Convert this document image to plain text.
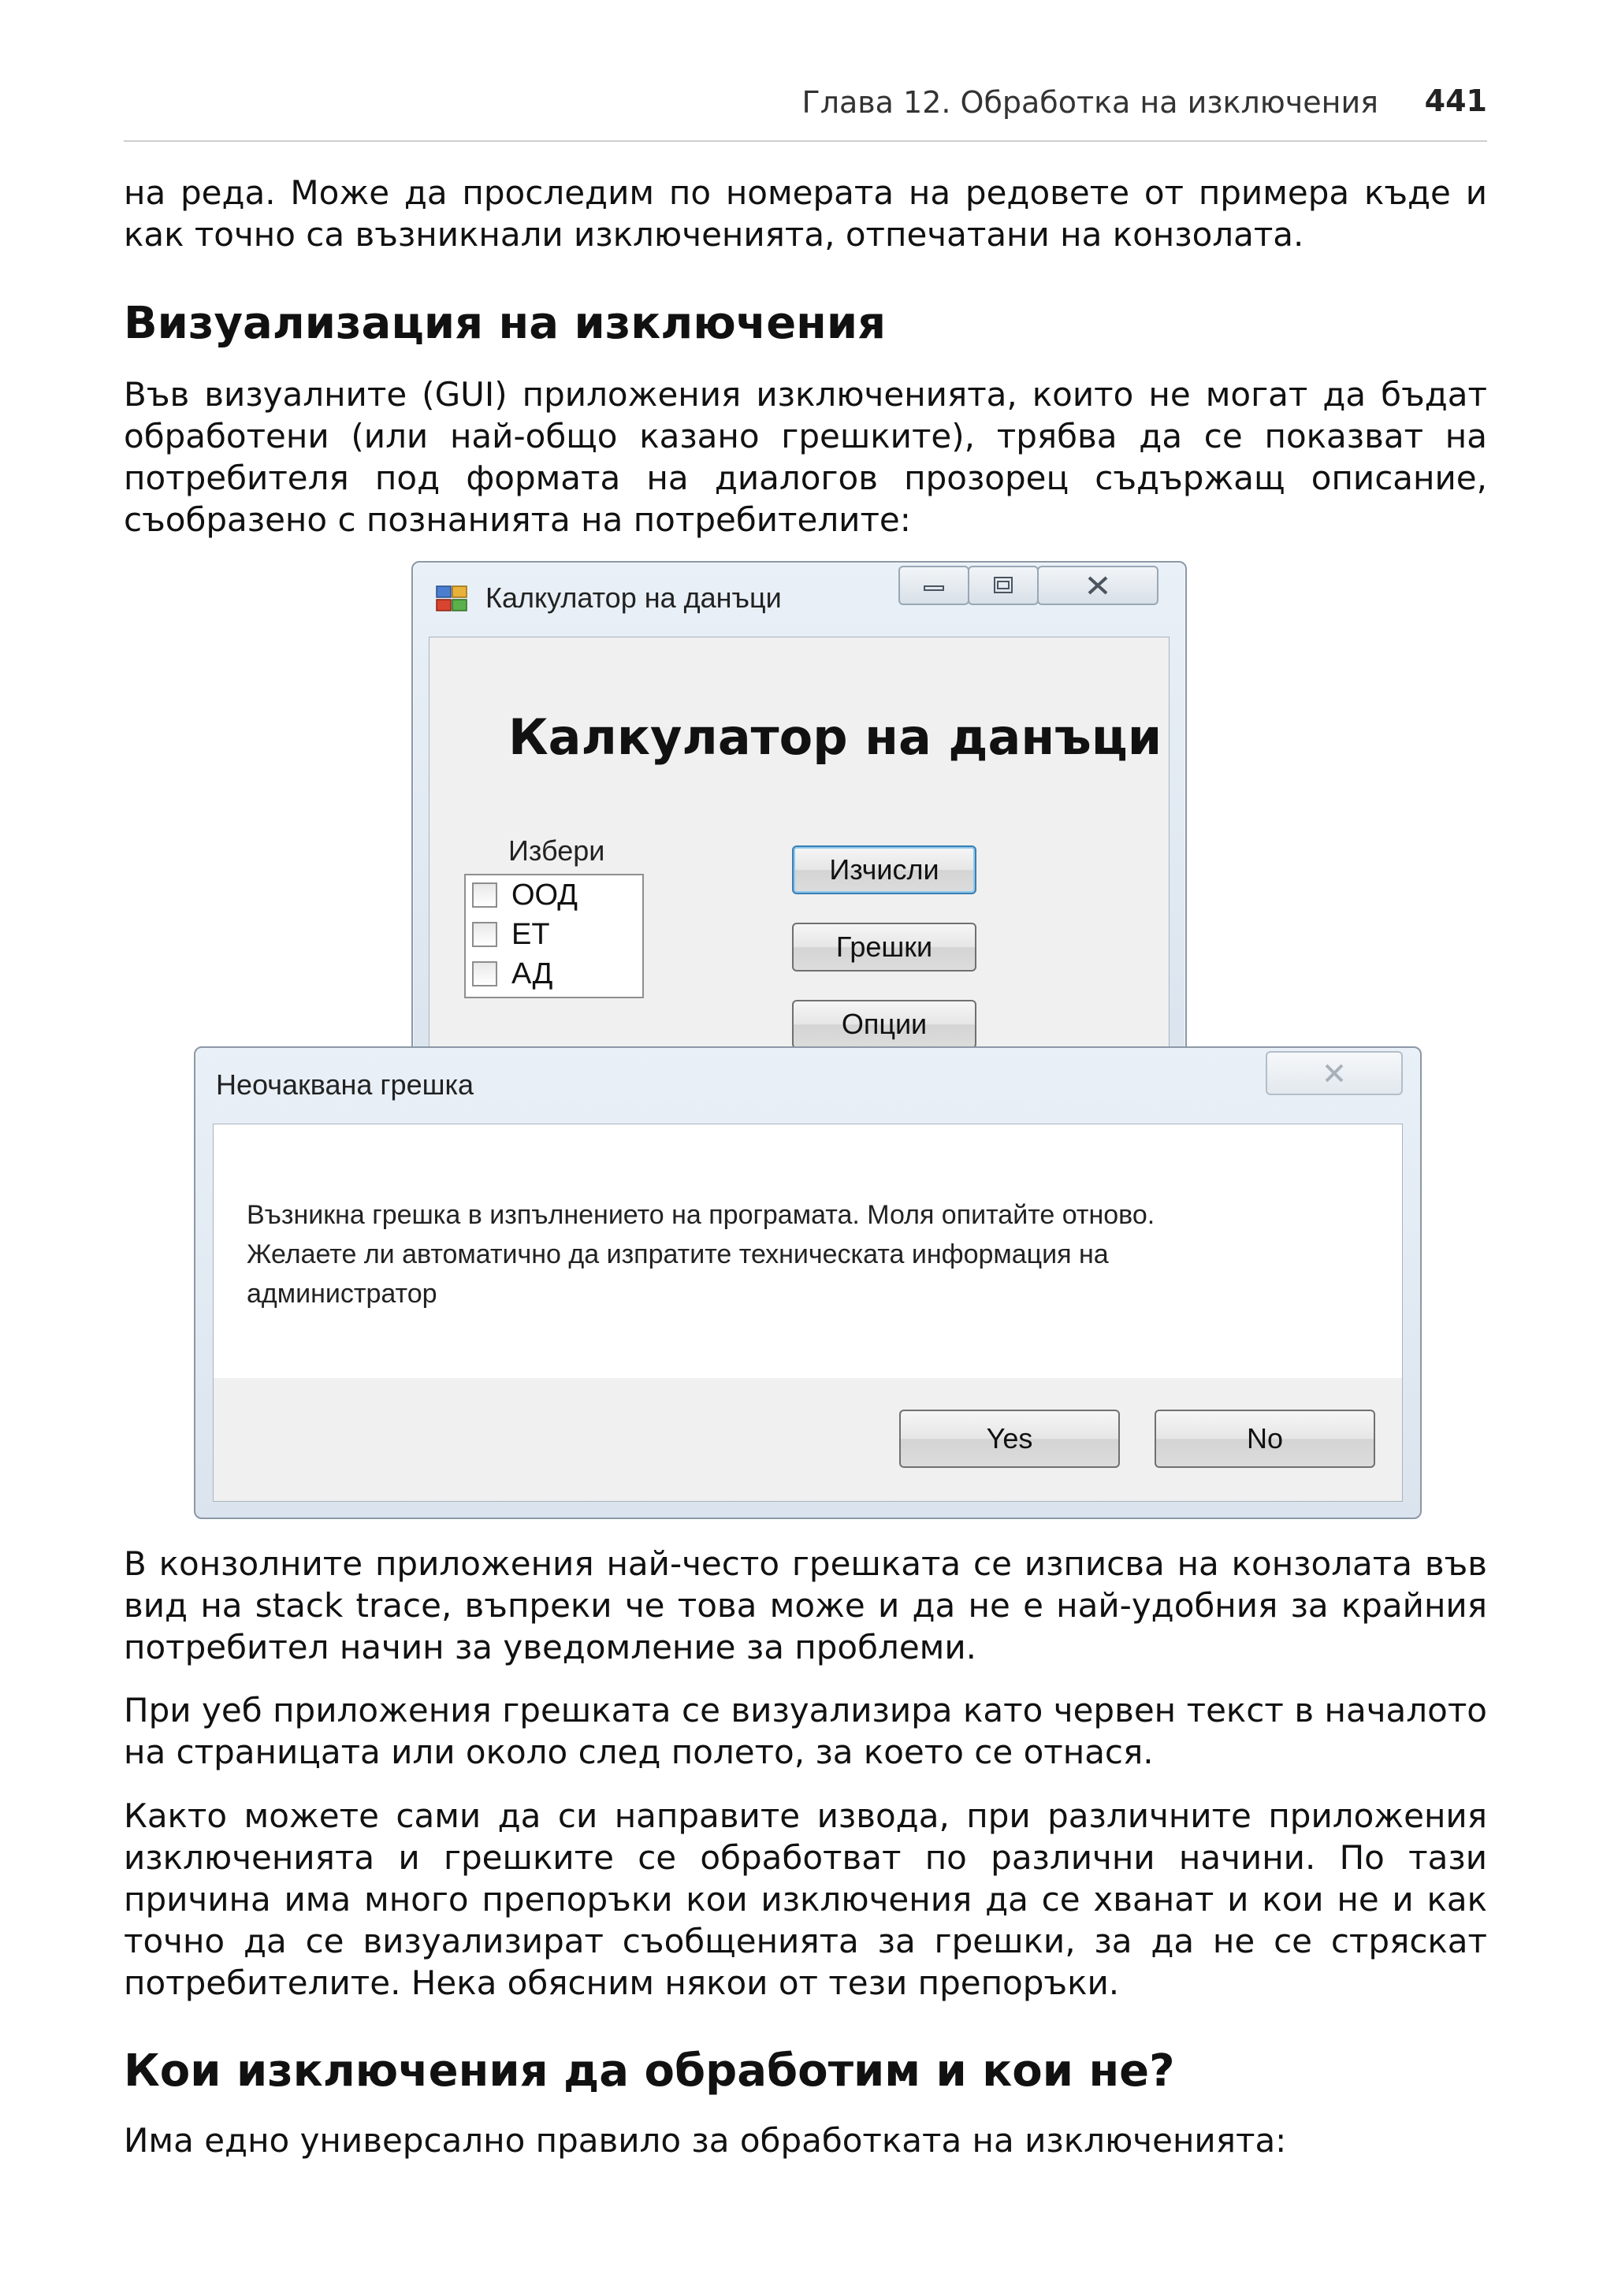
Глава 12. Обработка на изключения 441

на реда. Може да проследим по номерата на редовете от примера къде и как точно са възникнали изключенията, отпечатани на конзолата.

Визуализация на изключения

Във визуалните (GUI) приложения изключенията, които не могат да бъдат обработени (или най-общо казано грешките), трябва да се показват на потребителя под формата на диалогов прозорец съдържащ описание, съобразено с познанията на потребителите:

Калкулатор на данъци
Калкулатор на данъци
Избери
ООД
ЕТ
АД
Изчисли
Грешки
Опции
Неочаквана грешка
Възникна грешка в изпълнението на програмата. Моля опитайте отново.
Желаете ли автоматично да изпратите техническата информация на
администратор
Yes	No

В конзолните приложения най-често грешката се изписва на конзолата във вид на stack trace, въпреки че това може и да не е най-удобния за крайния потребител начин за уведомление за проблеми.

При уеб приложения грешката се визуализира като червен текст в началото на страницата или около след полето, за което се отнася.

Както можете сами да си направите извода, при различните приложения изключенията и грешките се обработват по различни начини. По тази причина има много препоръки кои изключения да се хванат и кои не и как точно да се визуализират съобщенията за грешки, за да не се стряскат потребителите. Нека обясним някои от тези препоръки.

Кои изключения да обработим и кои не?

Има едно универсално правило за обработката на изключенията:
